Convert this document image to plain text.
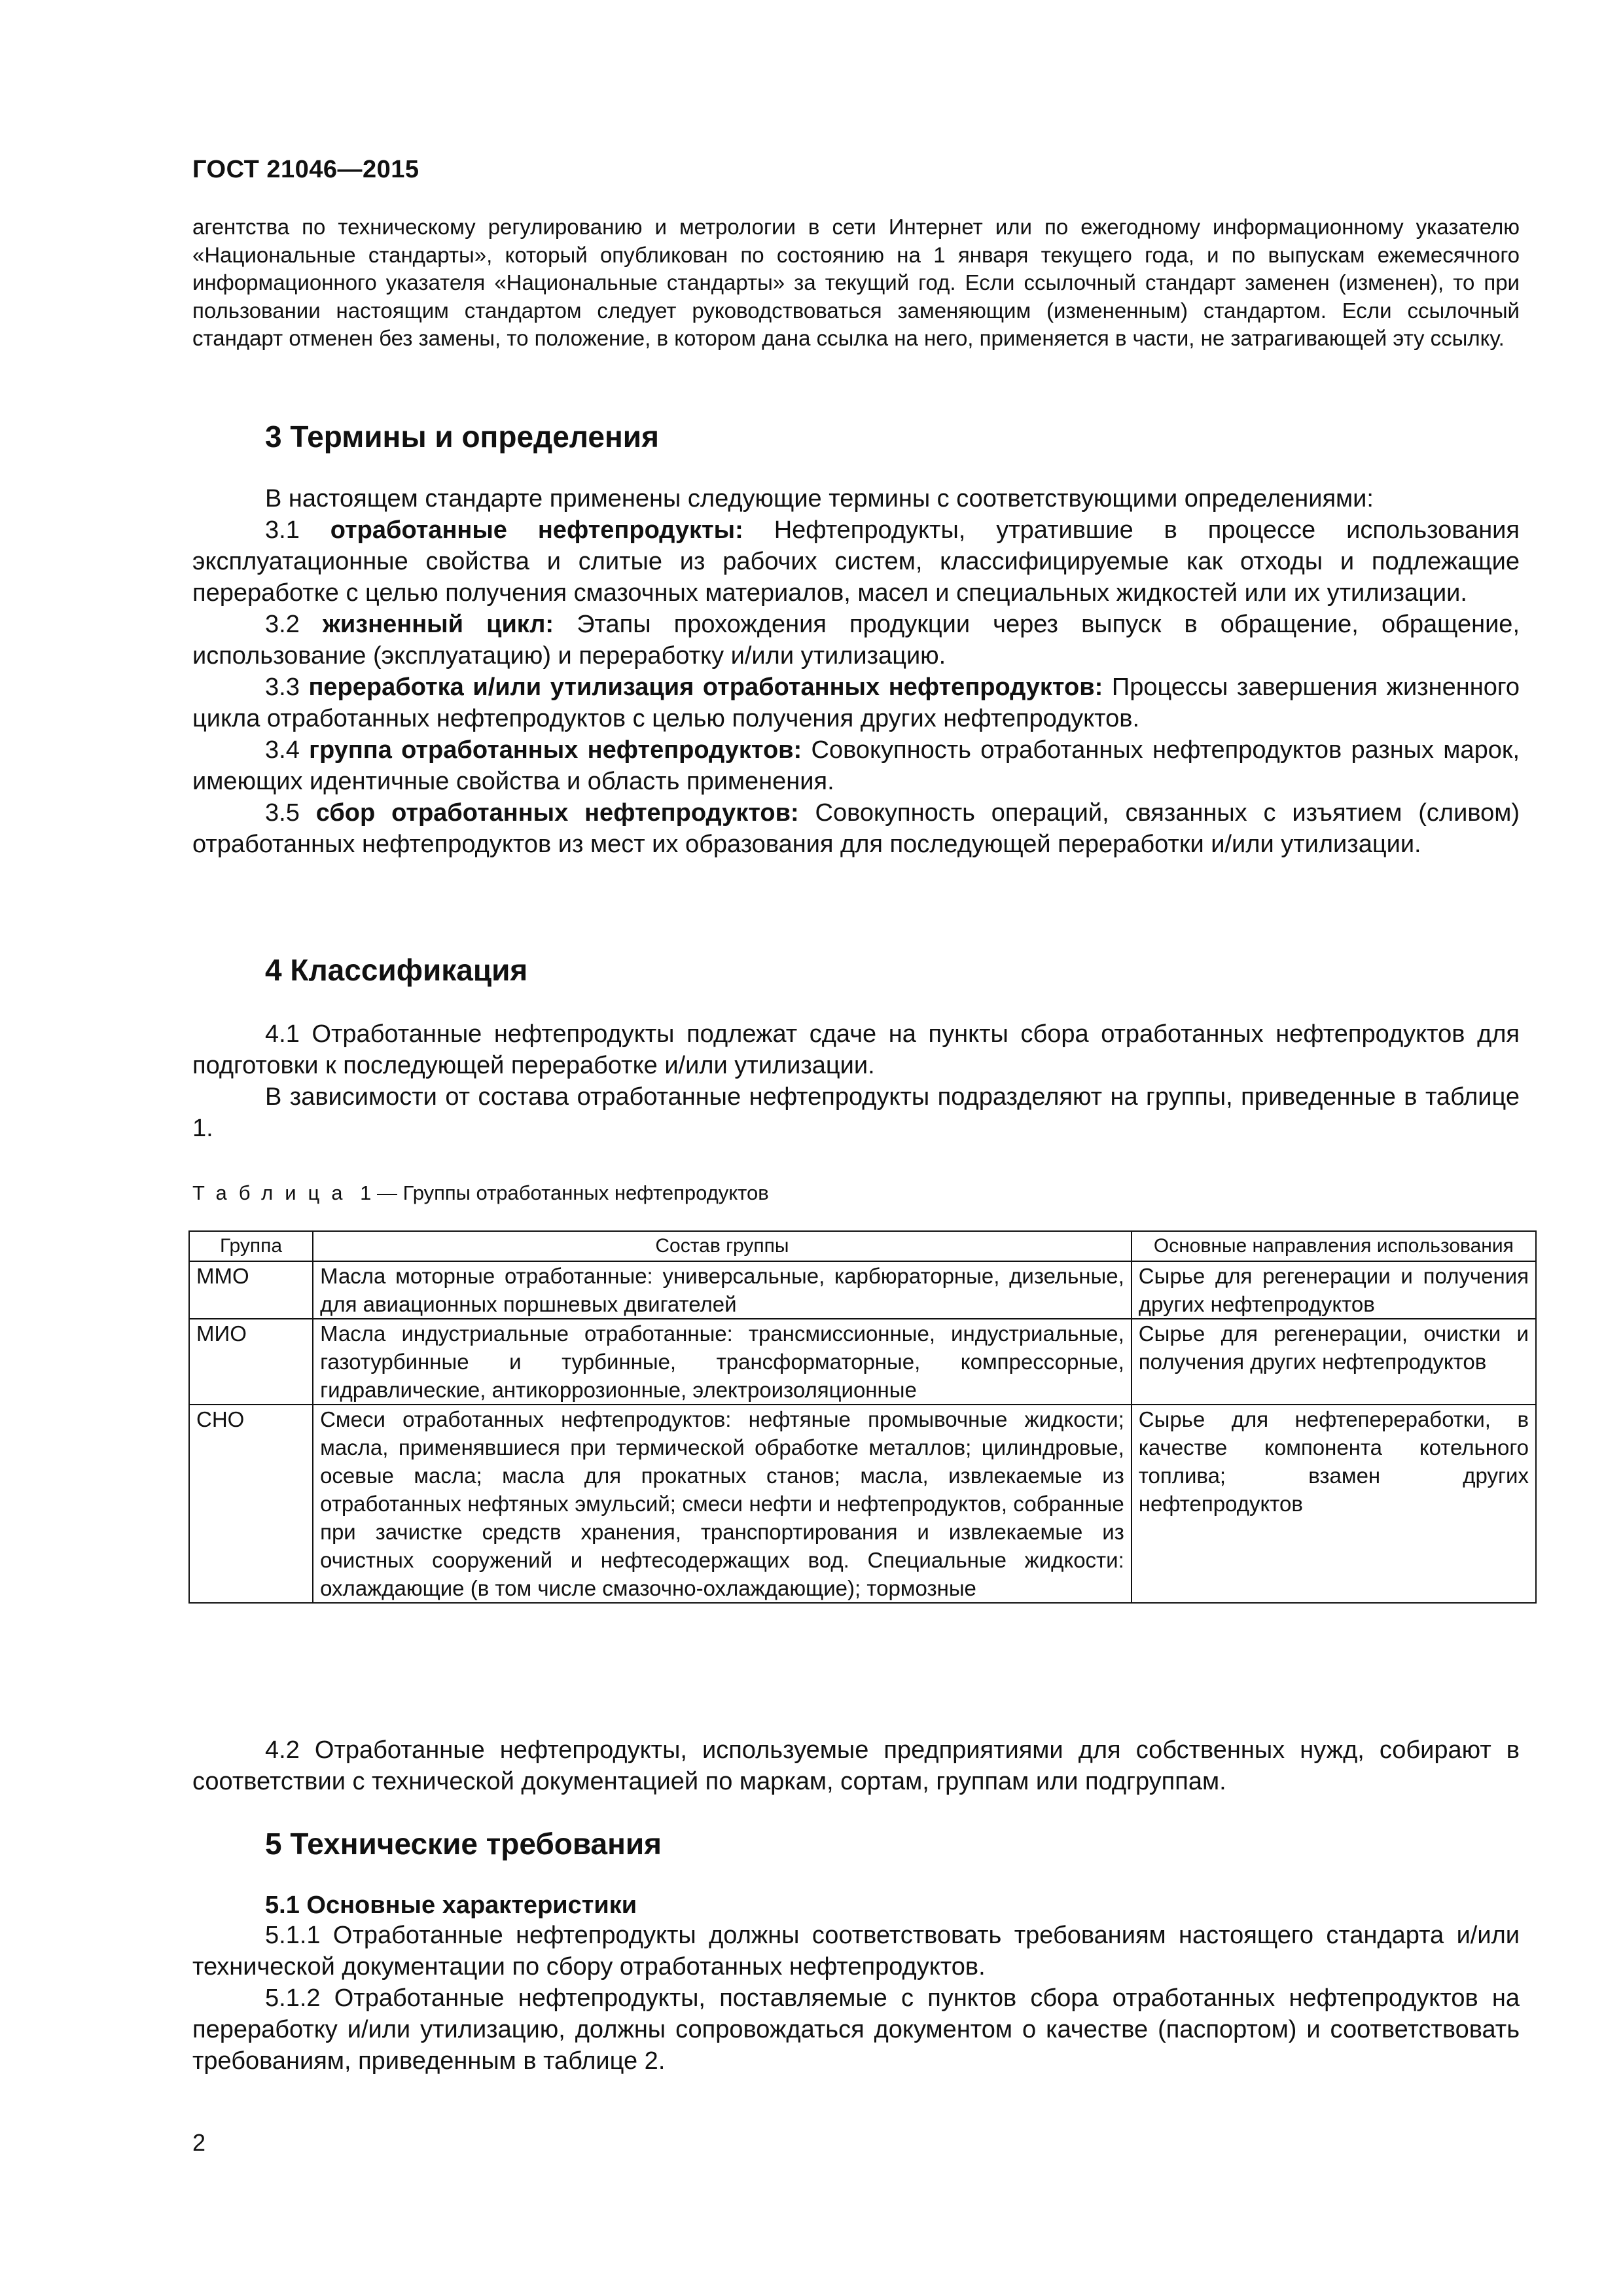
ГОСТ 21046—2015

агентства по техническому регулированию и метрологии в сети Интернет или по ежегодному информационному указателю «Национальные стандарты», который опубликован по состоянию на 1 января текущего года, и по выпускам ежемесячного информационного указателя «Национальные стандарты» за текущий год. Если ссылочный стандарт заменен (изменен), то при пользовании настоящим стандартом следует руководствоваться заменяющим (измененным) стандартом. Если ссылочный стандарт отменен без замены, то положение, в котором дана ссылка на него, применяется в части, не затрагивающей эту ссылку.

3 Термины и определения

В настоящем стандарте применены следующие термины с соответствующими определениями:

3.1 отработанные нефтепродукты: Нефтепродукты, утратившие в процессе использования эксплуатационные свойства и слитые из рабочих систем, классифицируемые как отходы и подлежащие переработке с целью получения смазочных материалов, масел и специальных жидкостей или их утилизации.

3.2 жизненный цикл: Этапы прохождения продукции через выпуск в обращение, обращение, использование (эксплуатацию) и переработку и/или утилизацию.

3.3 переработка и/или утилизация отработанных нефтепродуктов: Процессы завершения жизненного цикла отработанных нефтепродуктов с целью получения других нефтепродуктов.

3.4 группа отработанных нефтепродуктов: Совокупность отработанных нефтепродуктов разных марок, имеющих идентичные свойства и область применения.

3.5 сбор отработанных нефтепродуктов: Совокупность операций, связанных с изъятием (сливом) отработанных нефтепродуктов из мест их образования для последующей переработки и/или утилизации.

4 Классификация

4.1 Отработанные нефтепродукты подлежат сдаче на пункты сбора отработанных нефтепродуктов для подготовки к последующей переработке и/или утилизации.

В зависимости от состава отработанные нефтепродукты подразделяют на группы, приведенные в таблице 1.

Таблица 1 — Группы отработанных нефтепродуктов
Группа	Состав группы	Основные направления использования
ММО	Масла моторные отработанные: универсальные, карбюраторные, дизельные, для авиационных поршневых двигателей	Сырье для регенерации и получения других нефтепродуктов
МИО	Масла индустриальные отработанные: трансмиссионные, индустриальные, газотурбинные и турбинные, трансформаторные, компрессорные, гидравлические, антикоррозионные, электроизоляционные	Сырье для регенерации, очистки и получения других нефтепродуктов
СНО	Смеси отработанных нефтепродуктов: нефтяные промывочные жидкости; масла, применявшиеся при термической обработке металлов; цилиндровые, осевые масла; масла для прокатных станов; масла, извлекаемые из отработанных нефтяных эмульсий; смеси нефти и нефтепродуктов, собранные при зачистке средств хранения, транспортирования и извлекаемые из очистных сооружений и нефтесодержащих вод. Специальные жидкости: охлаждающие (в том числе смазочно-охлаждающие); тормозные	Сырье для нефтепереработки, в качестве компонента котельного топлива; взамен других нефтепродуктов

4.2 Отработанные нефтепродукты, используемые предприятиями для собственных нужд, собирают в соответствии с технической документацией по маркам, сортам, группам или подгруппам.

5 Технические требования

5.1 Основные характеристики

5.1.1 Отработанные нефтепродукты должны соответствовать требованиям настоящего стандарта и/или технической документации по сбору отработанных нефтепродуктов.

5.1.2 Отработанные нефтепродукты, поставляемые с пунктов сбора отработанных нефтепродуктов на переработку и/или утилизацию, должны сопровождаться документом о качестве (паспортом) и соответствовать требованиям, приведенным в таблице 2.

2
